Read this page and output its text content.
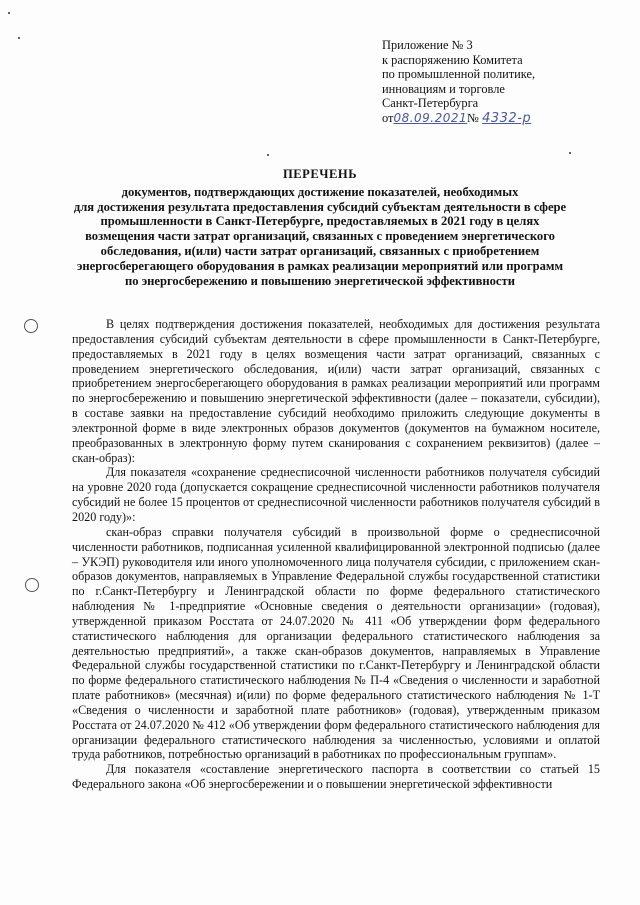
Приложение № 3
к распоряжению Комитета
по промышленной политике,
инновациям и торговле
Санкт-Петербурга
от08.09.2021№ 4332-р
ПЕРЕЧЕНЬ
документов, подтверждающих достижение показателей, необходимых
для достижения результата предоставления субсидий субъектам деятельности в сфере
промышленности в Санкт-Петербурге, предоставляемых в 2021 году в целях
возмещения части затрат организаций, связанных с проведением энергетического
обследования, и(или) части затрат организаций, связанных с приобретением
энергосберегающего оборудования в рамках реализации мероприятий или программ
по энергосбережению и повышению энергетической эффективности

В целях подтверждения достижения показателей, необходимых для достижения результата предоставления субсидий субъектам деятельности в сфере промышленности в Санкт-Петербурге, предоставляемых в 2021 году в целях возмещения части затрат организаций, связанных с проведением энергетического обследования, и(или) части затрат организаций, связанных с приобретением энергосберегающего оборудования в рамках реализации мероприятий или программ по энергосбережению и повышению энергетической эффективности (далее – показатели, субсидии), в составе заявки на предоставление субсидий необходимо приложить следующие документы в электронной форме в виде электронных образов документов (документов на бумажном носителе, преобразованных в электронную форму путем сканирования с сохранением реквизитов) (далее – скан-образ):

Для показателя «сохранение среднесписочной численности работников получателя субсидий на уровне 2020 года (допускается сокращение среднесписочной численности работников получателя субсидий не более 15 процентов от среднесписочной численности работников получателя субсидий в 2020 году)»:

скан-образ справки получателя субсидий в произвольной форме о среднесписочной численности работников, подписанная усиленной квалифицированной электронной подписью (далее – УКЭП) руководителя или иного уполномоченного лица получателя субсидии, с приложением скан-образов документов, направляемых в Управление Федеральной службы государственной статистики по г.Санкт-Петербургу и Ленинградской области по форме федерального статистического наблюдения № 1-предприятие «Основные сведения о деятельности организации» (годовая), утвержденной приказом Росстата от 24.07.2020 № 411 «Об утверждении форм федерального статистического наблюдения для организации федерального статистического наблюдения за деятельностью предприятий», а также скан-образов документов, направляемых в Управление Федеральной службы государственной статистики по г.Санкт-Петербургу и Ленинградской области по форме федерального статистического наблюдения № П-4 «Сведения о численности и заработной плате работников» (месячная) и(или) по форме федерального статистического наблюдения № 1-Т «Сведения о численности и заработной плате работников» (годовая), утвержденным приказом Росстата от 24.07.2020 № 412 «Об утверждении форм федерального статистического наблюдения для организации федерального статистического наблюдения за численностью, условиями и оплатой труда работников, потребностью организаций в работниках по профессиональным группам».

Для показателя «составление энергетического паспорта в соответствии со статьей 15 Федерального закона «Об энергосбережении и о повышении энергетической эффективности
